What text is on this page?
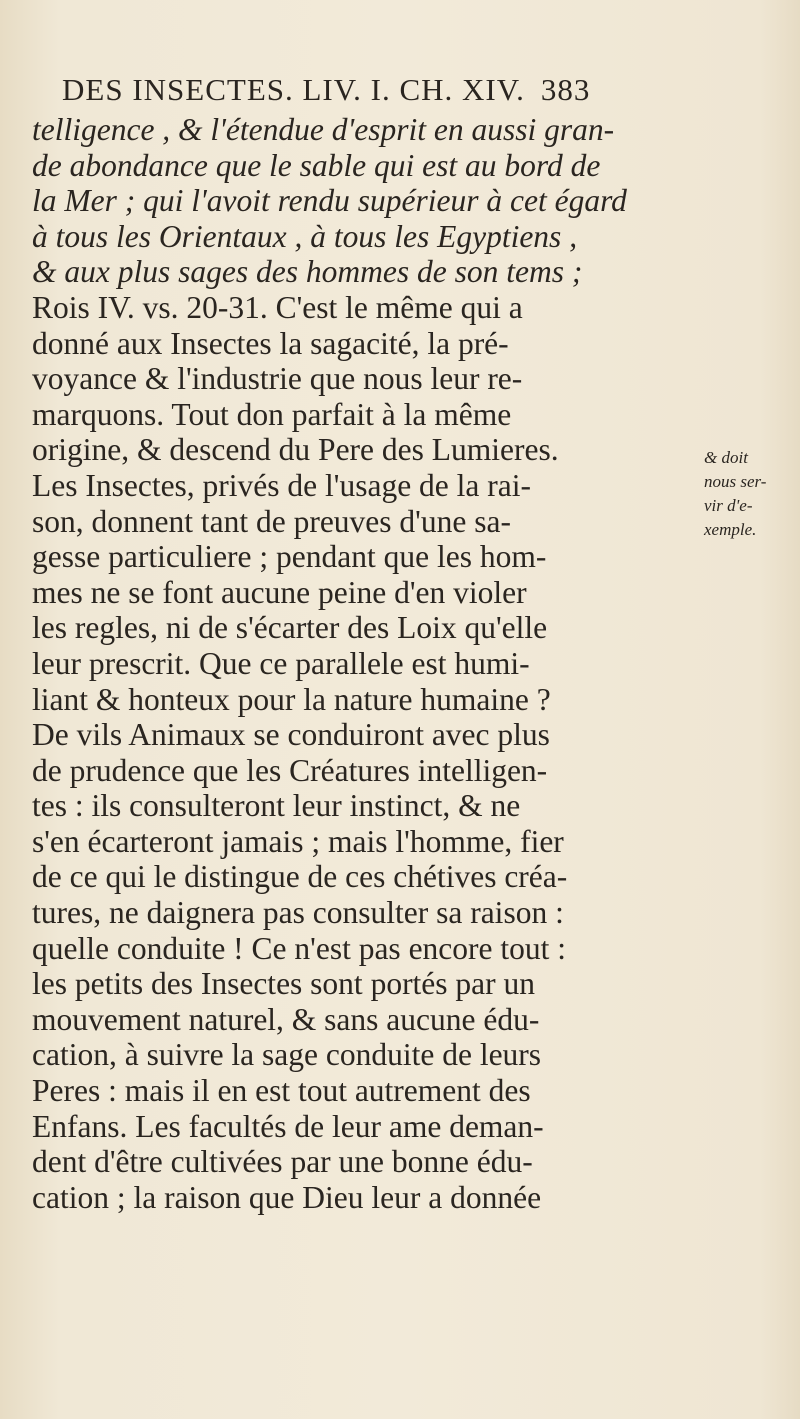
DES INSECTES. LIV. I. CH. XIV. 383
telligence , & l'étendue d'esprit en aussi gran-
de abondance que le sable qui est au bord de
la Mer ; qui l'avoit rendu supérieur à cet égard
à tous les Orientaux , à tous les Egyptiens ,
& aux plus sages des hommes de son tems ;
Rois IV. vs. 20-31. C'est le même qui a
donné aux Insectes la sagacité, la pré-
voyance & l'industrie que nous leur re-
marquons. Tout don parfait à la même
origine, & descend du Pere des Lumieres.
Les Insectes, privés de l'usage de la rai-
son, donnent tant de preuves d'une sa-
gesse particuliere ; pendant que les hom-
mes ne se font aucune peine d'en violer
les regles, ni de s'écarter des Loix qu'elle
leur prescrit. Que ce parallele est humi-
liant & honteux pour la nature humaine ?
De vils Animaux se conduiront avec plus
de prudence que les Créatures intelligen-
tes : ils consulteront leur instinct, & ne
s'en écarteront jamais ; mais l'homme, fier
de ce qui le distingue de ces chétives créa-
tures, ne daignera pas consulter sa raison :
quelle conduite ! Ce n'est pas encore tout :
les petits des Insectes sont portés par un
mouvement naturel, & sans aucune édu-
cation, à suivre la sage conduite de leurs
Peres : mais il en est tout autrement des
Enfans. Les facultés de leur ame deman-
dent d'être cultivées par une bonne édu-
cation ; la raison que Dieu leur a donnée
& doit
nous ser-
vir d'e-
xemple.
